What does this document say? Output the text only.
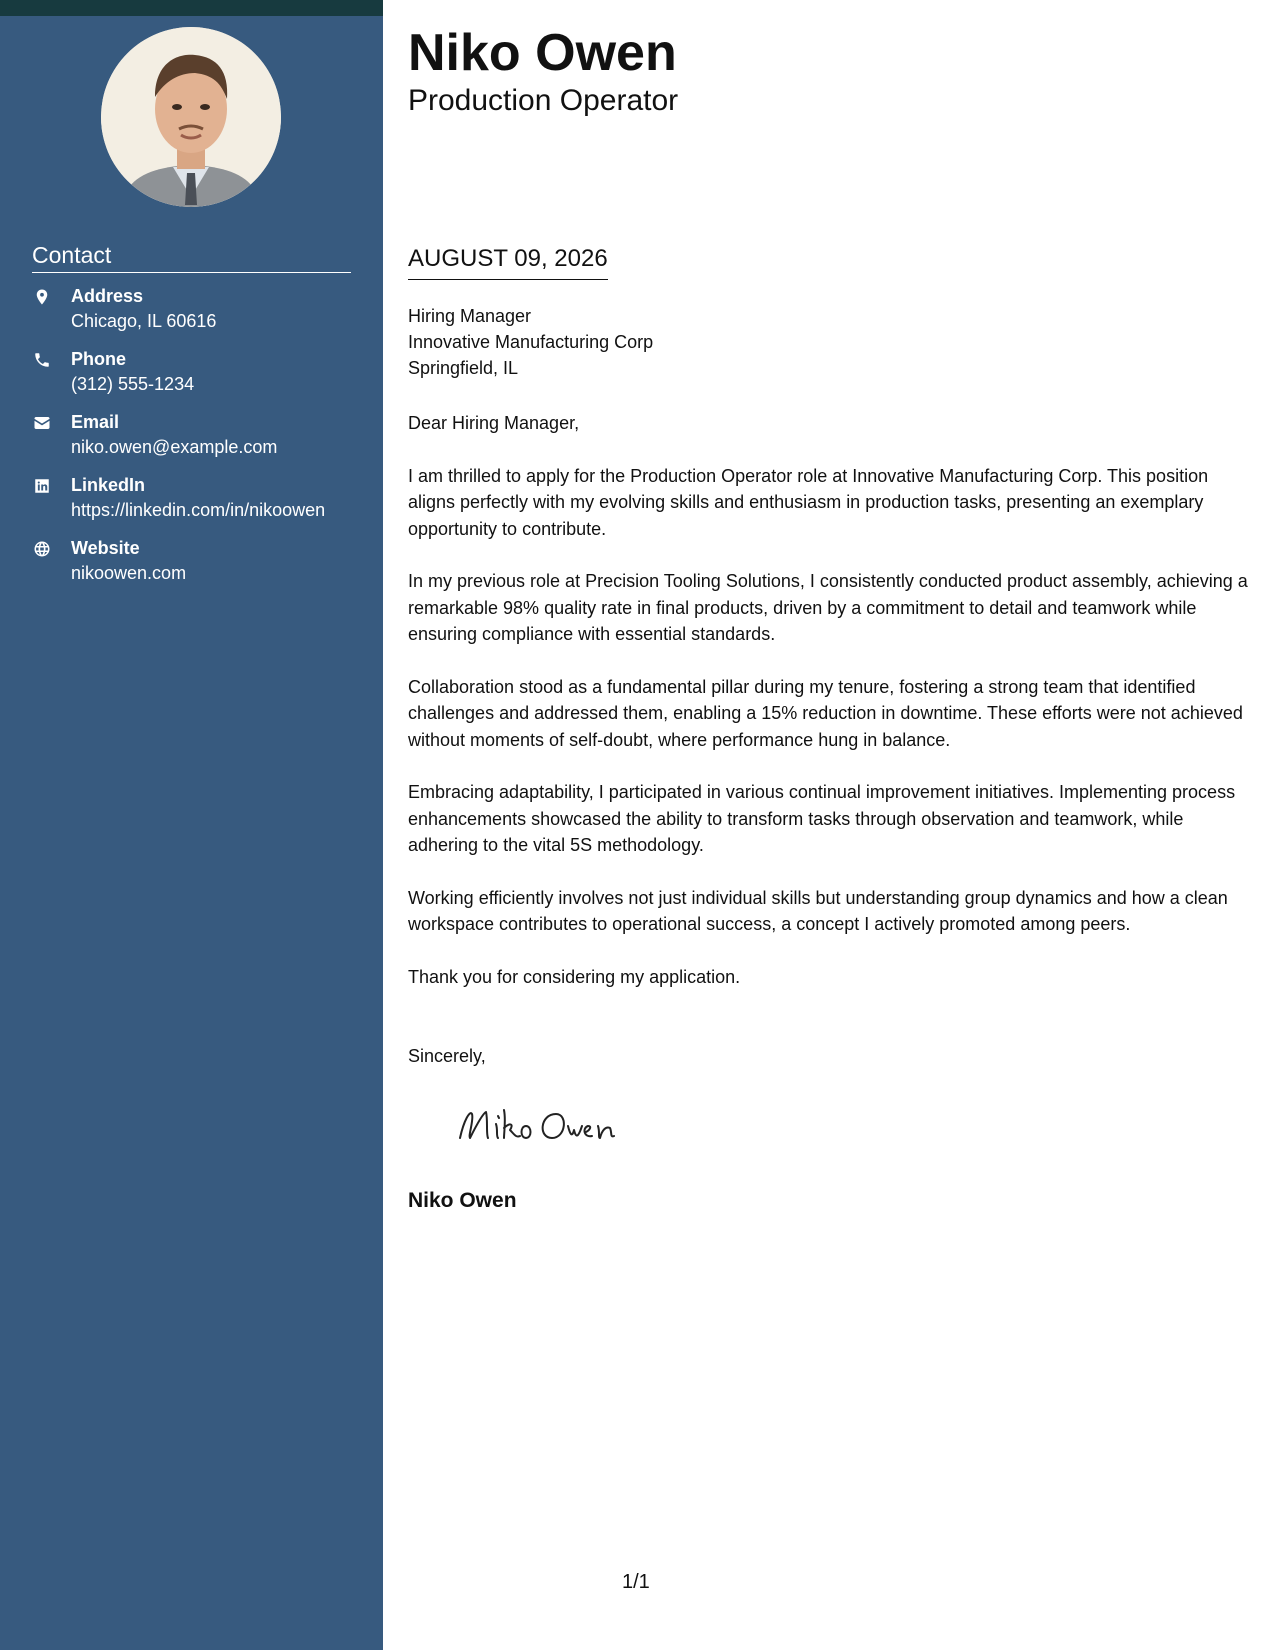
Contact
Address
Chicago, IL 60616
Phone
(312) 555-1234
Email
niko.owen@example.com
LinkedIn
https://linkedin.com/in/nikoowen
Website
nikoowen.com
Niko Owen
Production Operator
AUGUST 09, 2026
Hiring Manager
Innovative Manufacturing Corp
Springfield, IL

Dear Hiring Manager,

I am thrilled to apply for the Production Operator role at Innovative Manufacturing Corp. This position aligns perfectly with my evolving skills and enthusiasm in production tasks, presenting an exemplary opportunity to contribute.

In my previous role at Precision Tooling Solutions, I consistently conducted product assembly, achieving a remarkable 98% quality rate in final products, driven by a commitment to detail and teamwork while ensuring compliance with essential standards.

Collaboration stood as a fundamental pillar during my tenure, fostering a strong team that identified challenges and addressed them, enabling a 15% reduction in downtime. These efforts were not achieved without moments of self-doubt, where performance hung in balance.

Embracing adaptability, I participated in various continual improvement initiatives. Implementing process enhancements showcased the ability to transform tasks through observation and teamwork, while adhering to the vital 5S methodology.

Working efficiently involves not just individual skills but understanding group dynamics and how a clean workspace contributes to operational success, a concept I actively promoted among peers.

Thank you for considering my application.

Sincerely,
Niko Owen
1/1
